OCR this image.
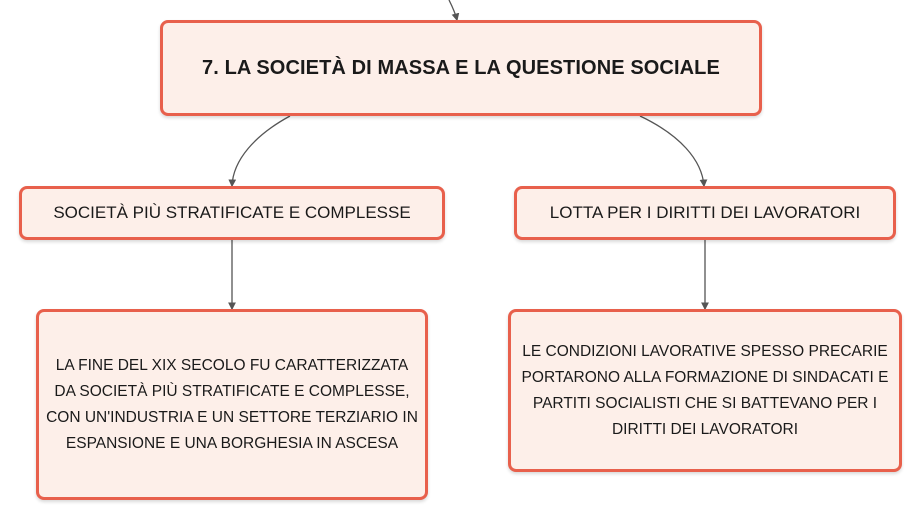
7. LA SOCIETÀ DI MASSA E LA QUESTIONE SOCIALE
SOCIETÀ PIÙ STRATIFICATE E COMPLESSE	LOTTA PER I DIRITTI DEI LAVORATORI
LA FINE DEL XIX SECOLO FU CARATTERIZZATA DA SOCIETÀ PIÙ STRATIFICATE E COMPLESSE, CON UN'INDUSTRIA E UN SETTORE TERZIARIO IN ESPANSIONE E UNA BORGHESIA IN ASCESA
LE CONDIZIONI LAVORATIVE SPESSO PRECARIE PORTARONO ALLA FORMAZIONE DI SINDACATI E PARTITI SOCIALISTI CHE SI BATTEVANO PER I DIRITTI DEI LAVORATORI
